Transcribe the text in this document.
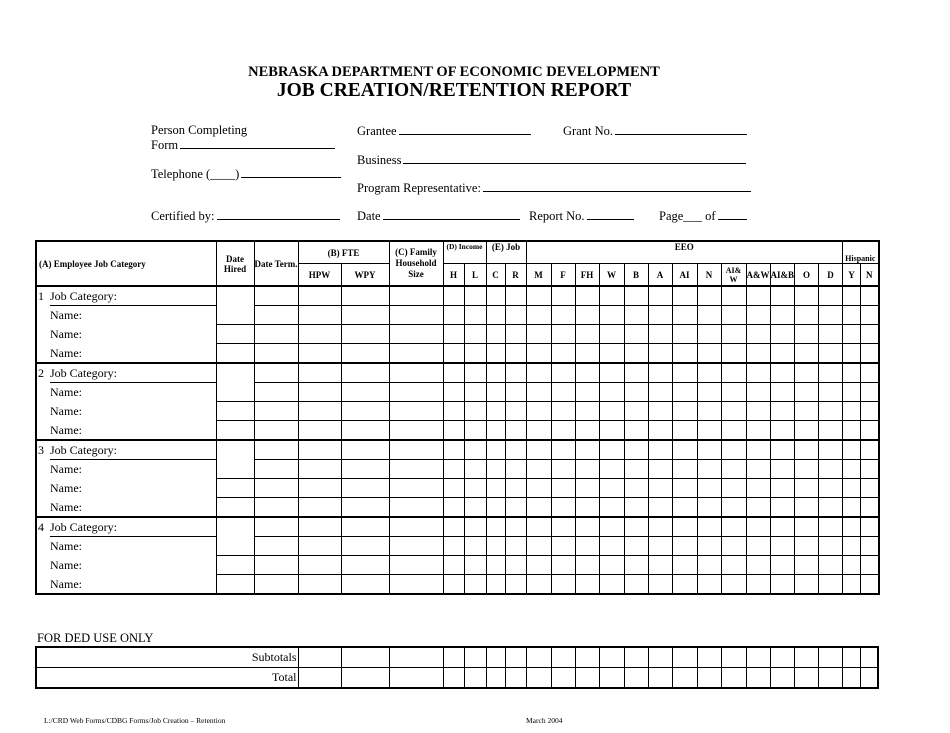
NEBRASKA DEPARTMENT OF ECONOMIC DEVELOPMENT
JOB CREATION/RETENTION REPORT
Person Completing
Form
Telephone (____)
Certified by:
Grantee	Grant No.
Business
Program Representative:
Date	Report No.	Page___ of
(A) Employee Job Category	Date Hired	Date Term.	(B) FTE		(C) Family Household Size	(D) Income		(E) Job		EEO													Hispanic	
			HPW	WPY		H	L	C	R	M	F	FH	W	B	A	AI	N	AI& W	A&W	AI&B	O	D	Y	N

1 Job Category:																								

Name:																								

Name:																								

Name:																								

2 Job Category:																								

Name:																								

Name:																								

Name:																								

3 Job Category:																								

Name:																								

Name:																								

Name:																								

4 Job Category:																								

Name:																								

Name:																								

Name:																								

FOR DED USE ONLY
Subtotals																						
Total																						
L:/CRD Web Forms/CDBG Forms/Job Creation – Retention	March 2004
